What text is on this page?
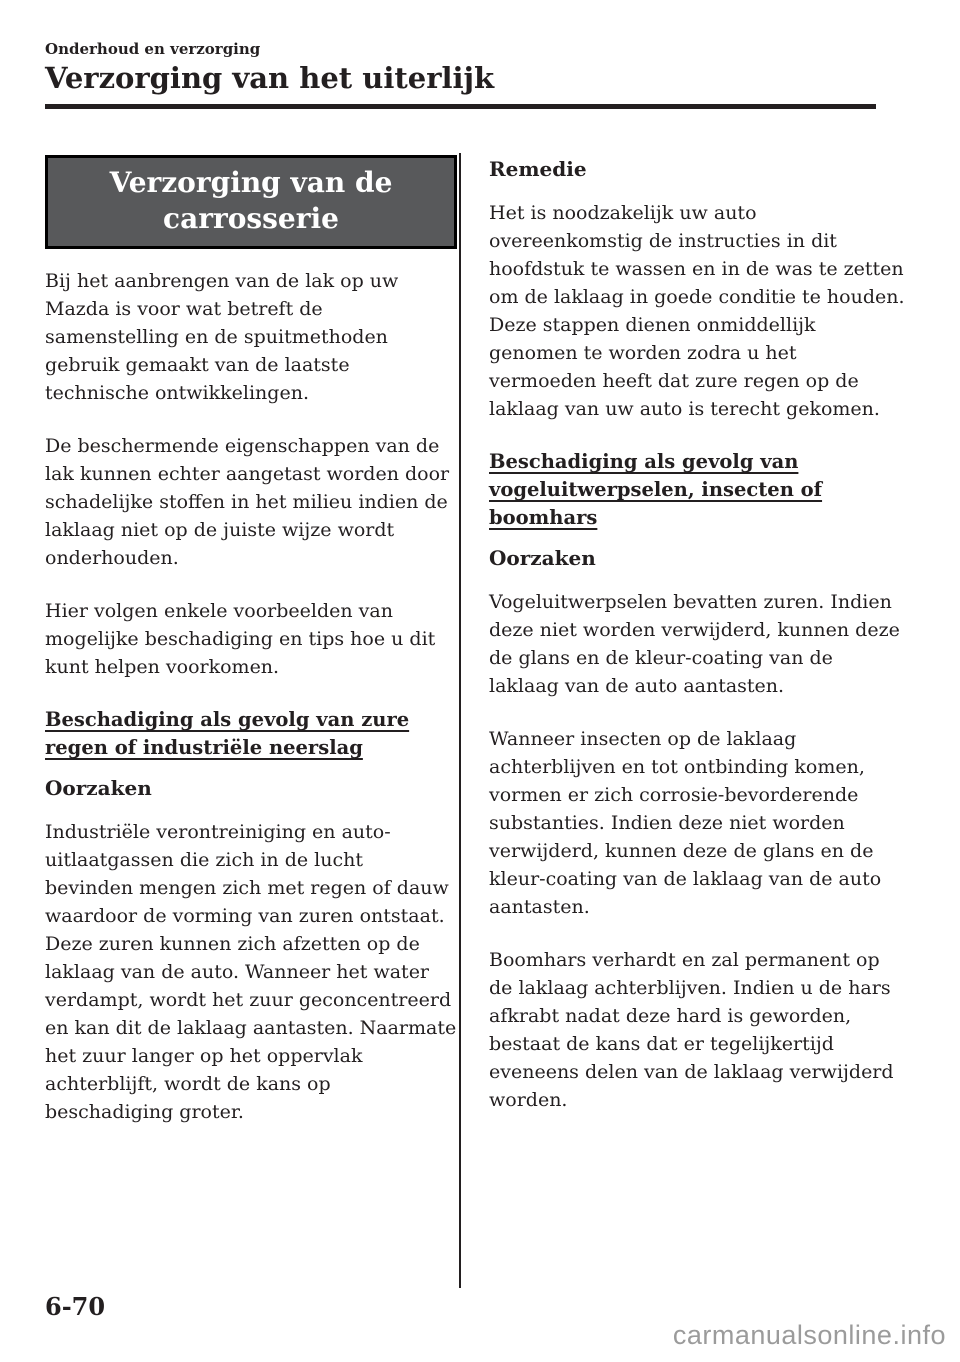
Onderhoud en verzorging
Verzorging van het uiterlijk
Verzorging van de carrosserie

Bij het aanbrengen van de lak op uw Mazda is voor wat betreft de samenstelling en de spuitmethoden gebruik gemaakt van de laatste technische ontwikkelingen.

De beschermende eigenschappen van de lak kunnen echter aangetast worden door schadelijke stoffen in het milieu indien de laklaag niet op de juiste wijze wordt onderhouden.

Hier volgen enkele voorbeelden van mogelijke beschadiging en tips hoe u dit kunt helpen voorkomen.

Beschadiging als gevolg van zure regen of industriële neerslag
Oorzaken

Industriële verontreiniging en auto-uitlaatgassen die zich in de lucht bevinden mengen zich met regen of dauw waardoor de vorming van zuren ontstaat. Deze zuren kunnen zich afzetten op de laklaag van de auto. Wanneer het water verdampt, wordt het zuur geconcentreerd en kan dit de laklaag aantasten. Naarmate het zuur langer op het oppervlak achterblijft, wordt de kans op beschadiging groter.

Remedie

Het is noodzakelijk uw auto overeenkomstig de instructies in dit hoofdstuk te wassen en in de was te zetten om de laklaag in goede conditie te houden. Deze stappen dienen onmiddellijk genomen te worden zodra u het vermoeden heeft dat zure regen op de laklaag van uw auto is terecht gekomen.

Beschadiging als gevolg van vogeluitwerpselen, insecten of boomhars
Oorzaken

Vogeluitwerpselen bevatten zuren. Indien deze niet worden verwijderd, kunnen deze de glans en de kleur-coating van de laklaag van de auto aantasten.

Wanneer insecten op de laklaag achterblijven en tot ontbinding komen, vormen er zich corrosie-bevorderende substanties. Indien deze niet worden verwijderd, kunnen deze de glans en de kleur-coating van de laklaag van de auto aantasten.

Boomhars verhardt en zal permanent op de laklaag achterblijven. Indien u de hars afkrabt nadat deze hard is geworden, bestaat de kans dat er tegelijkertijd eveneens delen van de laklaag verwijderd worden.

6-70
carmanualsonline.info
